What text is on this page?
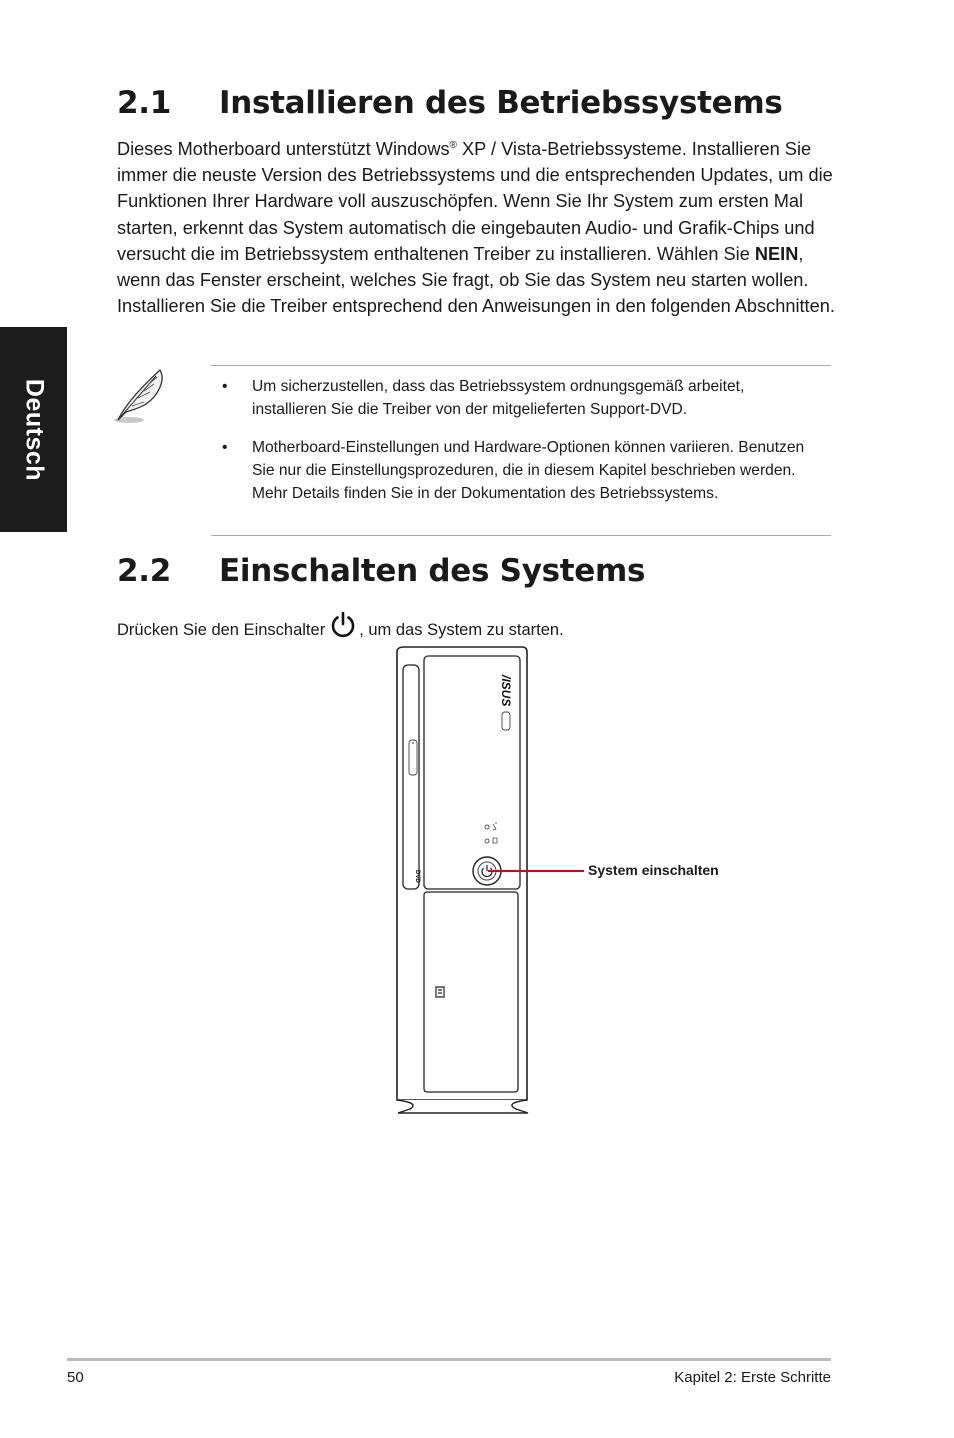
Deutsch
2.1 Installieren des Betriebssystems
Dieses Motherboard unterstützt Windows® XP / Vista-Betriebssysteme. Installieren Sie immer die neuste Version des Betriebssystems und die entsprechenden Updates, um die Funktionen Ihrer Hardware voll auszuschöpfen. Wenn Sie Ihr System zum ersten Mal starten, erkennt das System automatisch die eingebauten Audio- und Grafik-Chips und versucht die im Betriebssystem enthaltenen Treiber zu installieren. Wählen Sie NEIN, wenn das Fenster erscheint, welches Sie fragt, ob Sie das System neu starten wollen. Installieren Sie die Treiber entsprechend den Anweisungen in den folgenden Abschnitten.
• Um sicherzustellen, dass das Betriebssystem ordnungsgemäß arbeitet, installieren Sie die Treiber von der mitgelieferten Support-DVD.
• Motherboard-Einstellungen und Hardware-Optionen können variieren. Benutzen Sie nur die Einstellungsprozeduren, die in diesem Kapitel beschrieben werden. Mehr Details finden Sie in der Dokumentation des Betriebssystems.
2.2 Einschalten des Systems
Drücken Sie den Einschalter , um das System zu starten.
DVD
/ISUS
System einschalten
50	Kapitel 2: Erste Schritte
